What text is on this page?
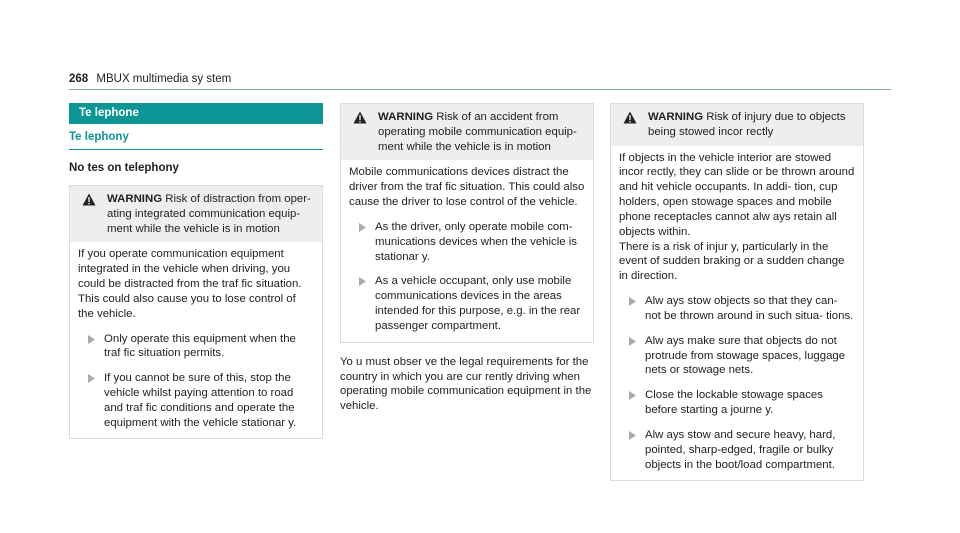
268 MBUX multimedia sy stem
Te lephone
Te lephony
No tes on telephony
WARNING Risk of distraction from oper‐ ating integrated communication equip‐ ment while the vehicle is in motion
If you operate communication equipment integrated in the vehicle when driving, you could be distracted from the traf fic situation. This could also cause you to lose control of the vehicle.
Only operate this equipment when the traf fic situation permits.
If you cannot be sure of this, stop the vehicle whilst paying attention to road and traf fic conditions and operate the equipment with the vehicle stationar y.
WARNING Risk of an accident from operating mobile communication equip‐ ment while the vehicle is in motion
Mobile communications devices distract the driver from the traf fic situation. This could also cause the driver to lose control of the vehicle.
As the driver, only operate mobile com‐ munications devices when the vehicle is stationar y.
As a vehicle occupant, only use mobile communications devices in the areas intended for this purpose, e.g. in the rear passenger compartment.
Yo u must obser ve the legal requirements for the country in which you are cur rently driving when operating mobile communication equipment in the vehicle.
WARNING Risk of injury due to objects being stowed incor rectly
If objects in the vehicle interior are stowed incor rectly, they can slide or be thrown around and hit vehicle occupants. In addi‐ tion, cup holders, open stowage spaces and mobile phone receptacles cannot alw ays retain all objects within.
There is a risk of injur y, particularly in the event of sudden braking or a sudden change in direction.
Alw ays stow objects so that they can‐ not be thrown around in such situa‐ tions.
Alw ays make sure that objects do not protrude from stowage spaces, luggage nets or stowage nets.
Close the lockable stowage spaces before starting a journe y.
Alw ays stow and secure heavy, hard, pointed, sharp-edged, fragile or bulky objects in the boot/load compartment.
